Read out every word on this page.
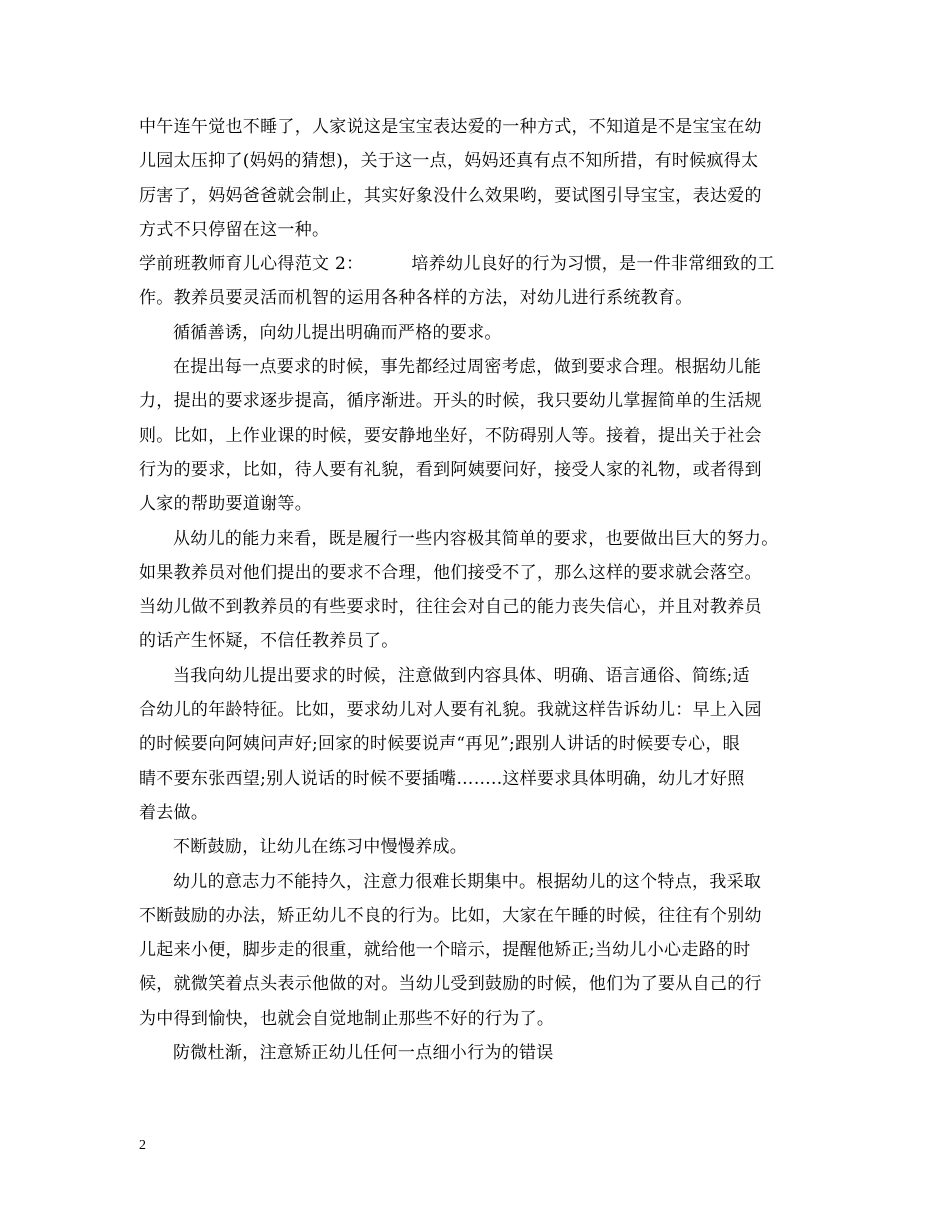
中午连午觉也不睡了，人家说这是宝宝表达爱的一种方式，不知道是不是宝宝在幼
儿园太压抑了(妈妈的猜想)，关于这一点，妈妈还真有点不知所措，有时候疯得太
厉害了，妈妈爸爸就会制止，其实好象没什么效果哟，要试图引导宝宝，表达爱的
方式不只停留在这一种。
学前班教师育儿心得范文 2：	培养幼儿良好的行为习惯，是一件非常细致的工
作。教养员要灵活而机智的运用各种各样的方法，对幼儿进行系统教育。
循循善诱，向幼儿提出明确而严格的要求。
在提出每一点要求的时候，事先都经过周密考虑，做到要求合理。根据幼儿能
力，提出的要求逐步提高，循序渐进。开头的时候，我只要幼儿掌握简单的生活规
则。比如，上作业课的时候，要安静地坐好，不防碍别人等。接着，提出关于社会
行为的要求，比如，待人要有礼貌，看到阿姨要问好，接受人家的礼物，或者得到
人家的帮助要道谢等。
从幼儿的能力来看，既是履行一些内容极其简单的要求，也要做出巨大的努力。
如果教养员对他们提出的要求不合理，他们接受不了，那么这样的要求就会落空。
当幼儿做不到教养员的有些要求时，往往会对自己的能力丧失信心，并且对教养员
的话产生怀疑，不信任教养员了。
当我向幼儿提出要求的时候，注意做到内容具体、明确、语言通俗、简练;适
合幼儿的年龄特征。比如，要求幼儿对人要有礼貌。我就这样告诉幼儿：早上入园
的时候要向阿姨问声好;回家的时候要说声“再见”;跟别人讲话的时候要专心，眼
睛不要东张西望;别人说话的时候不要插嘴……..这样要求具体明确，幼儿才好照
着去做。
不断鼓励，让幼儿在练习中慢慢养成。
幼儿的意志力不能持久，注意力很难长期集中。根据幼儿的这个特点，我采取
不断鼓励的办法，矫正幼儿不良的行为。比如，大家在午睡的时候，往往有个别幼
儿起来小便，脚步走的很重，就给他一个暗示，提醒他矫正;当幼儿小心走路的时
候，就微笑着点头表示他做的对。当幼儿受到鼓励的时候，他们为了要从自己的行
为中得到愉快，也就会自觉地制止那些不好的行为了。
防微杜渐，注意矫正幼儿任何一点细小行为的错误
2
